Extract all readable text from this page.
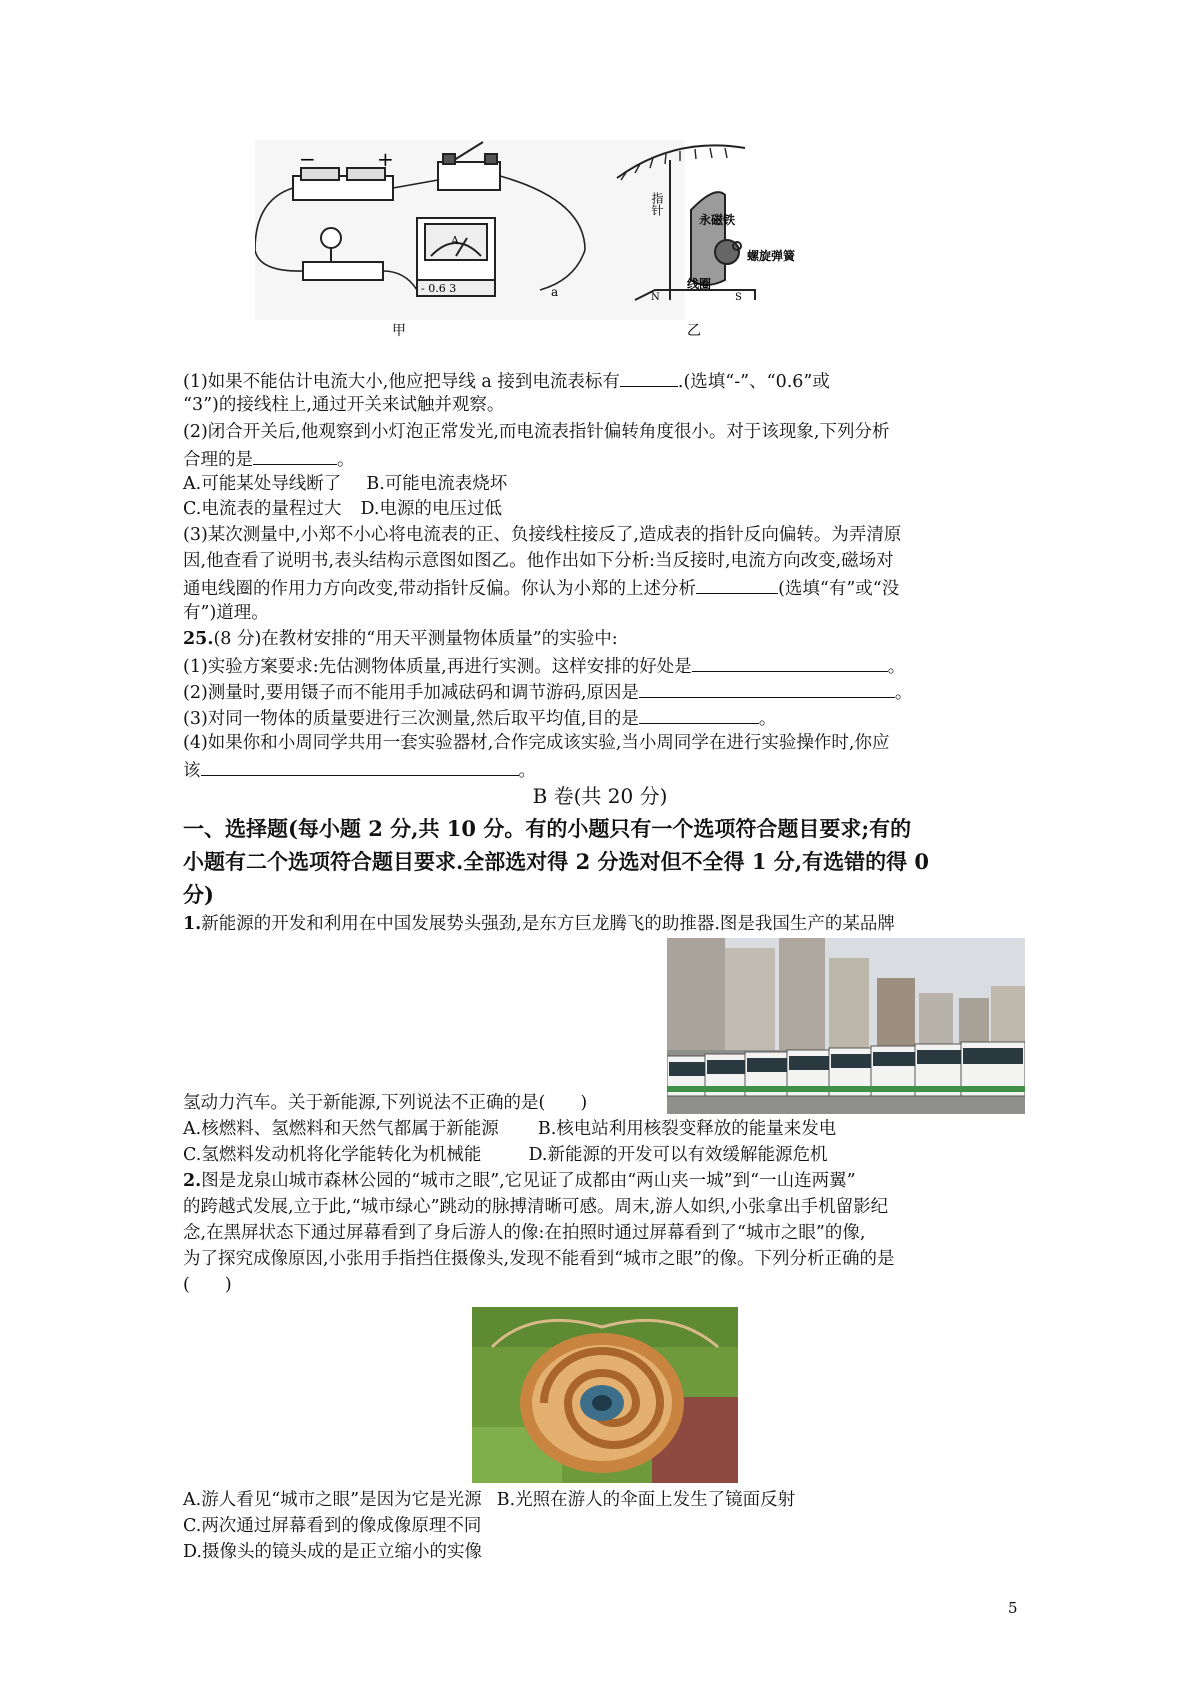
−	+
A
- 0.6 3	a
甲
指针
永磁铁
螺旋弹簧
线圈
N	S
乙
(1)如果不能估计电流大小,他应把导线 a 接到电流表标有	.(选填“-”、“0.6”或
“3”)的接线柱上,通过开关来试触并观察。
(2)闭合开关后,他观察到小灯泡正常发光,而电流表指针偏转角度很小。对于该现象,下列分析
合理的是	。
A.可能某处导线断了 B.可能电流表烧坏
C.电流表的量程过大 D.电源的电压过低
(3)某次测量中,小郑不小心将电流表的正、负接线柱接反了,造成表的指针反向偏转。为弄清原
因,他查看了说明书,表头结构示意图如图乙。他作出如下分析:当反接时,电流方向改变,磁场对
通电线圈的作用力方向改变,带动指针反偏。你认为小郑的上述分析	(选填“有”或“没
有”)道理。
25.(8 分)在教材安排的“用天平测量物体质量”的实验中:
(1)实验方案要求:先估测物体质量,再进行实测。这样安排的好处是	。
(2)测量时,要用镊子而不能用手加减砝码和调节游码,原因是	。
(3)对同一物体的质量要进行三次测量,然后取平均值,目的是	。
(4)如果你和小周同学共用一套实验器材,合作完成该实验,当小周同学在进行实验操作时,你应
该	。
B 卷(共 20 分)
一、选择题(每小题 2 分,共 10 分。有的小题只有一个选项符合题目要求;有的
小题有二个选项符合题目要求.全部选对得 2 分选对但不全得 1 分,有选错的得 0
分)
1.新能源的开发和利用在中国发展势头强劲,是东方巨龙腾飞的助推器.图是我国生产的某品牌
氢动力汽车。关于新能源,下列说法不正确的是(　　)
A.核燃料、氢燃料和天然气都属于新能源 B.核电站利用核裂变释放的能量来发电
C.氢燃料发动机将化学能转化为机械能	D.新能源的开发可以有效缓解能源危机
2.图是龙泉山城市森林公园的“城市之眼”,它见证了成都由“两山夹一城”到“一山连两翼”
的跨越式发展,立于此,“城市绿心”跳动的脉搏清晰可感。周末,游人如织,小张拿出手机留影纪
念,在黑屏状态下通过屏幕看到了身后游人的像:在拍照时通过屏幕看到了“城市之眼”的像,
为了探究成像原因,小张用手指挡住摄像头,发现不能看到“城市之眼”的像。下列分析正确的是
(　　)
A.游人看见“城市之眼”是因为它是光源 B.光照在游人的伞面上发生了镜面反射
C.两次通过屏幕看到的像成像原理不同
D.摄像头的镜头成的是正立缩小的实像
5
